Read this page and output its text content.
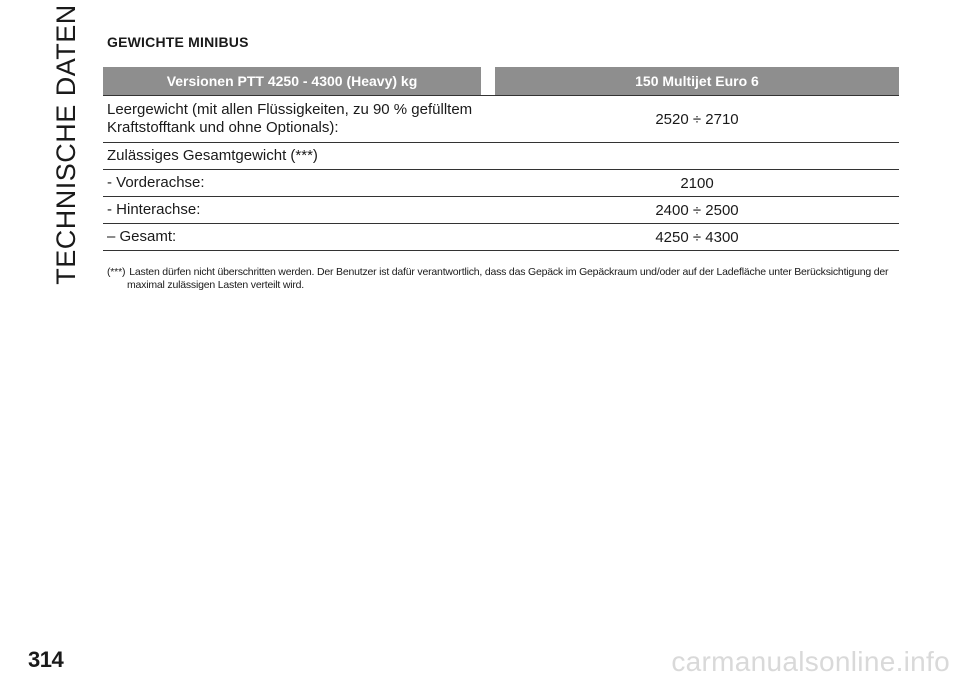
TECHNISCHE DATEN GEWICHTE MINIBUS
Versionen PTT 4250 - 4300 (Heavy) kg		150 Multijet Euro 6
Leergewicht (mit allen Flüssigkeiten, zu 90 % gefülltem Kraftstofftank und ohne Optionals):		2520 ÷ 2710
Zulässiges Gesamtgewicht (***)		
- Vorderachse:		2100
- Hinterachse:		2400 ÷ 2500
– Gesamt:		4250 ÷ 4300
(***) Lasten dürfen nicht überschritten werden. Der Benutzer ist dafür verantwortlich, dass das Gepäck im Gepäckraum und/oder auf der Ladefläche unter Berücksichtigung der
maximal zulässigen Lasten verteilt wird.
314	carmanualsonline.info
